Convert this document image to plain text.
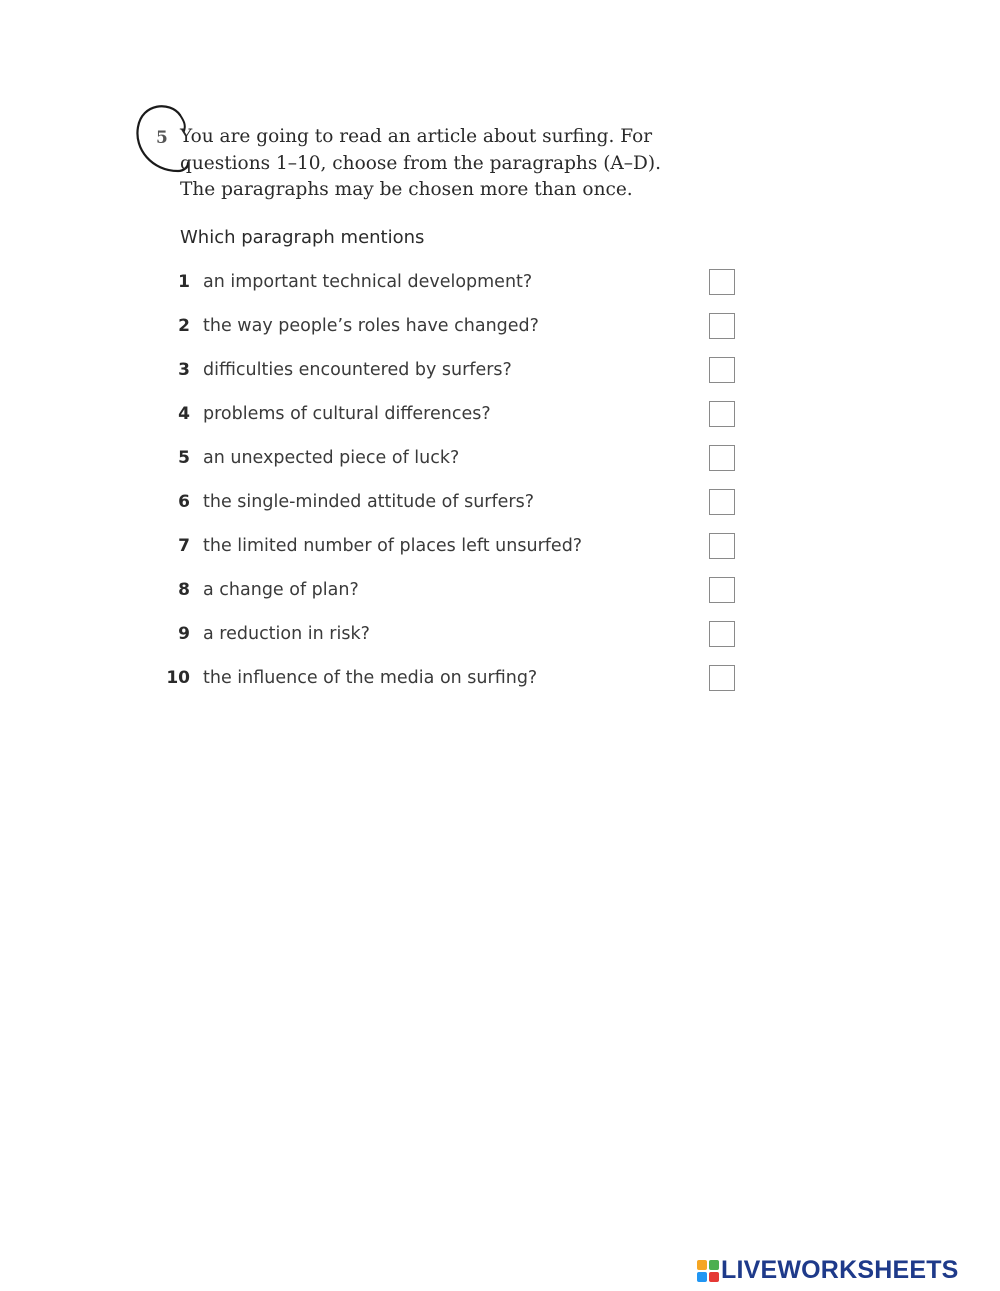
5 You are going to read an article about surfing. For
questions 1–10, choose from the paragraphs (A–D).
The paragraphs may be chosen more than once.

Which paragraph mentions
1 an important technical development?
2 the way people’s roles have changed?
3 difficulties encountered by surfers?
4 problems of cultural differences?
5 an unexpected piece of luck?
6 the single-minded attitude of surfers?
7 the limited number of places left unsurfed?
8 a change of plan?
9 a reduction in risk?
10 the influence of the media on surfing?
LIVEWORKSHEETS
